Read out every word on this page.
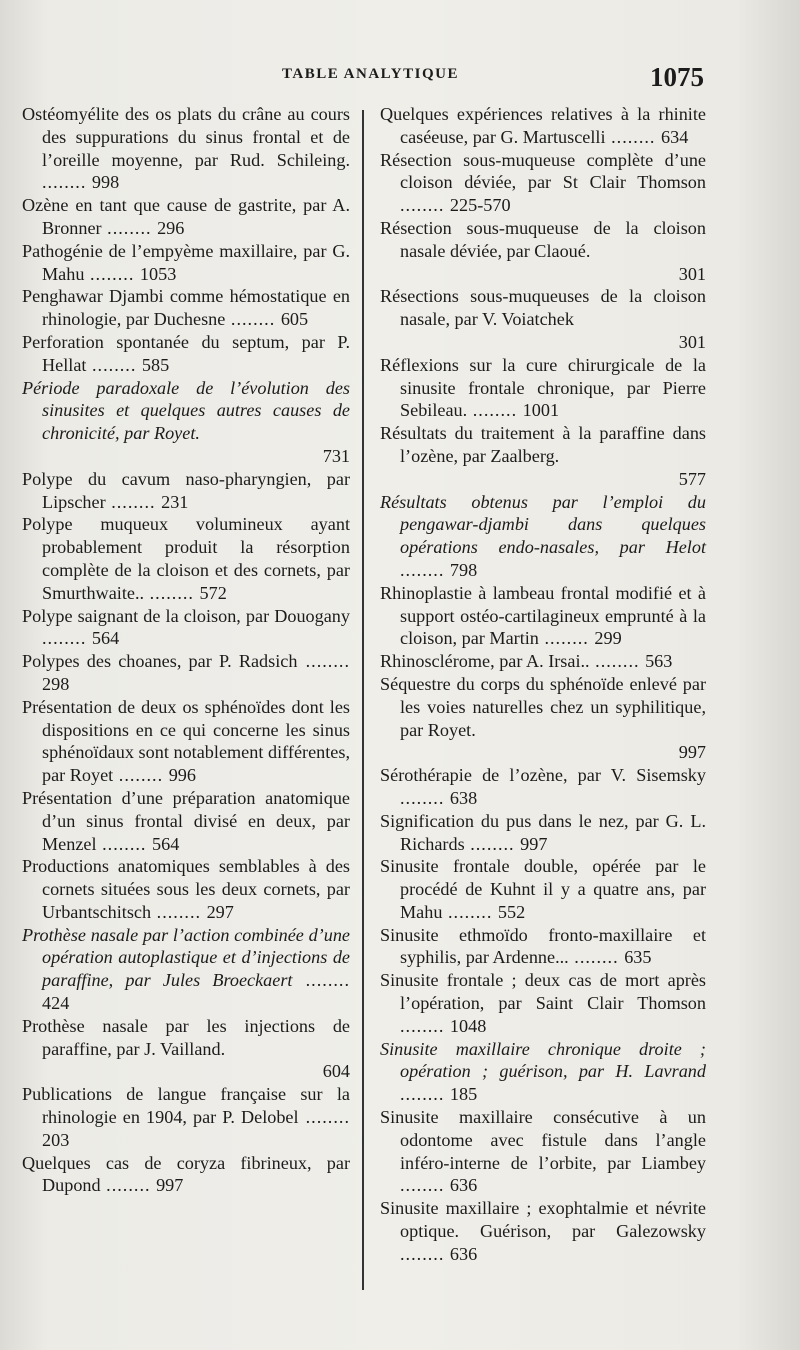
TABLE ANALYTIQUE	1075

Ostéomyélite des os plats du crâne au cours des suppurations du sinus frontal et de l’oreille moyenne, par Rud. Schileing. ........ 998

Ozène en tant que cause de gastrite, par A. Bronner ........ 296

Pathogénie de l’empyème maxillaire, par G. Mahu ........ 1053

Penghawar Djambi comme hémostatique en rhinologie, par Duchesne ........ 605

Perforation spontanée du septum, par P. Hellat ........ 585

Période paradoxale de l’évolution des sinusites et quelques autres causes de chronicité, par Royet.
731

Polype du cavum naso-pharyngien, par Lipscher ........ 231

Polype muqueux volumineux ayant probablement produit la résorption complète de la cloison et des cornets, par Smurthwaite.. ........ 572

Polype saignant de la cloison, par Douogany ........ 564

Polypes des choanes, par P. Radsich ........ 298

Présentation de deux os sphénoïdes dont les dispositions en ce qui concerne les sinus sphénoïdaux sont notablement différentes, par Royet ........ 996

Présentation d’une préparation anatomique d’un sinus frontal divisé en deux, par Menzel ........ 564

Productions anatomiques semblables à des cornets situées sous les deux cornets, par Urbantschitsch ........ 297

Prothèse nasale par l’action combinée d’une opération autoplastique et d’injections de paraffine, par Jules Broeckaert ........ 424

Prothèse nasale par les injections de paraffine, par J. Vailland.
604

Publications de langue française sur la rhinologie en 1904, par P. Delobel ........ 203

Quelques cas de coryza fibrineux, par Dupond ........ 997

Quelques expériences relatives à la rhinite caséeuse, par G. Martuscelli ........ 634

Résection sous-muqueuse complète d’une cloison déviée, par St Clair Thomson ........ 225-570

Résection sous-muqueuse de la cloison nasale déviée, par Claoué.
301

Résections sous-muqueuses de la cloison nasale, par V. Voiatchek
301

Réflexions sur la cure chirurgicale de la sinusite frontale chronique, par Pierre Sebileau. ........ 1001

Résultats du traitement à la paraffine dans l’ozène, par Zaalberg.
577

Résultats obtenus par l’emploi du pengawar-djambi dans quelques opérations endo-nasales, par Helot ........ 798

Rhinoplastie à lambeau frontal modifié et à support ostéo-cartilagineux emprunté à la cloison, par Martin ........ 299

Rhinosclérome, par A. Irsai.. ........ 563

Séquestre du corps du sphénoïde enlevé par les voies naturelles chez un syphilitique, par Royet.
997

Sérothérapie de l’ozène, par V. Sisemsky ........ 638

Signification du pus dans le nez, par G. L. Richards ........ 997

Sinusite frontale double, opérée par le procédé de Kuhnt il y a quatre ans, par Mahu ........ 552

Sinusite ethmoïdo fronto-maxillaire et syphilis, par Ardenne... ........ 635

Sinusite frontale ; deux cas de mort après l’opération, par Saint Clair Thomson ........ 1048

Sinusite maxillaire chronique droite ; opération ; guérison, par H. Lavrand ........ 185

Sinusite maxillaire consécutive à un odontome avec fistule dans l’angle inféro-interne de l’orbite, par Liambey ........ 636

Sinusite maxillaire ; exophtalmie et névrite optique. Guérison, par Galezowsky ........ 636
